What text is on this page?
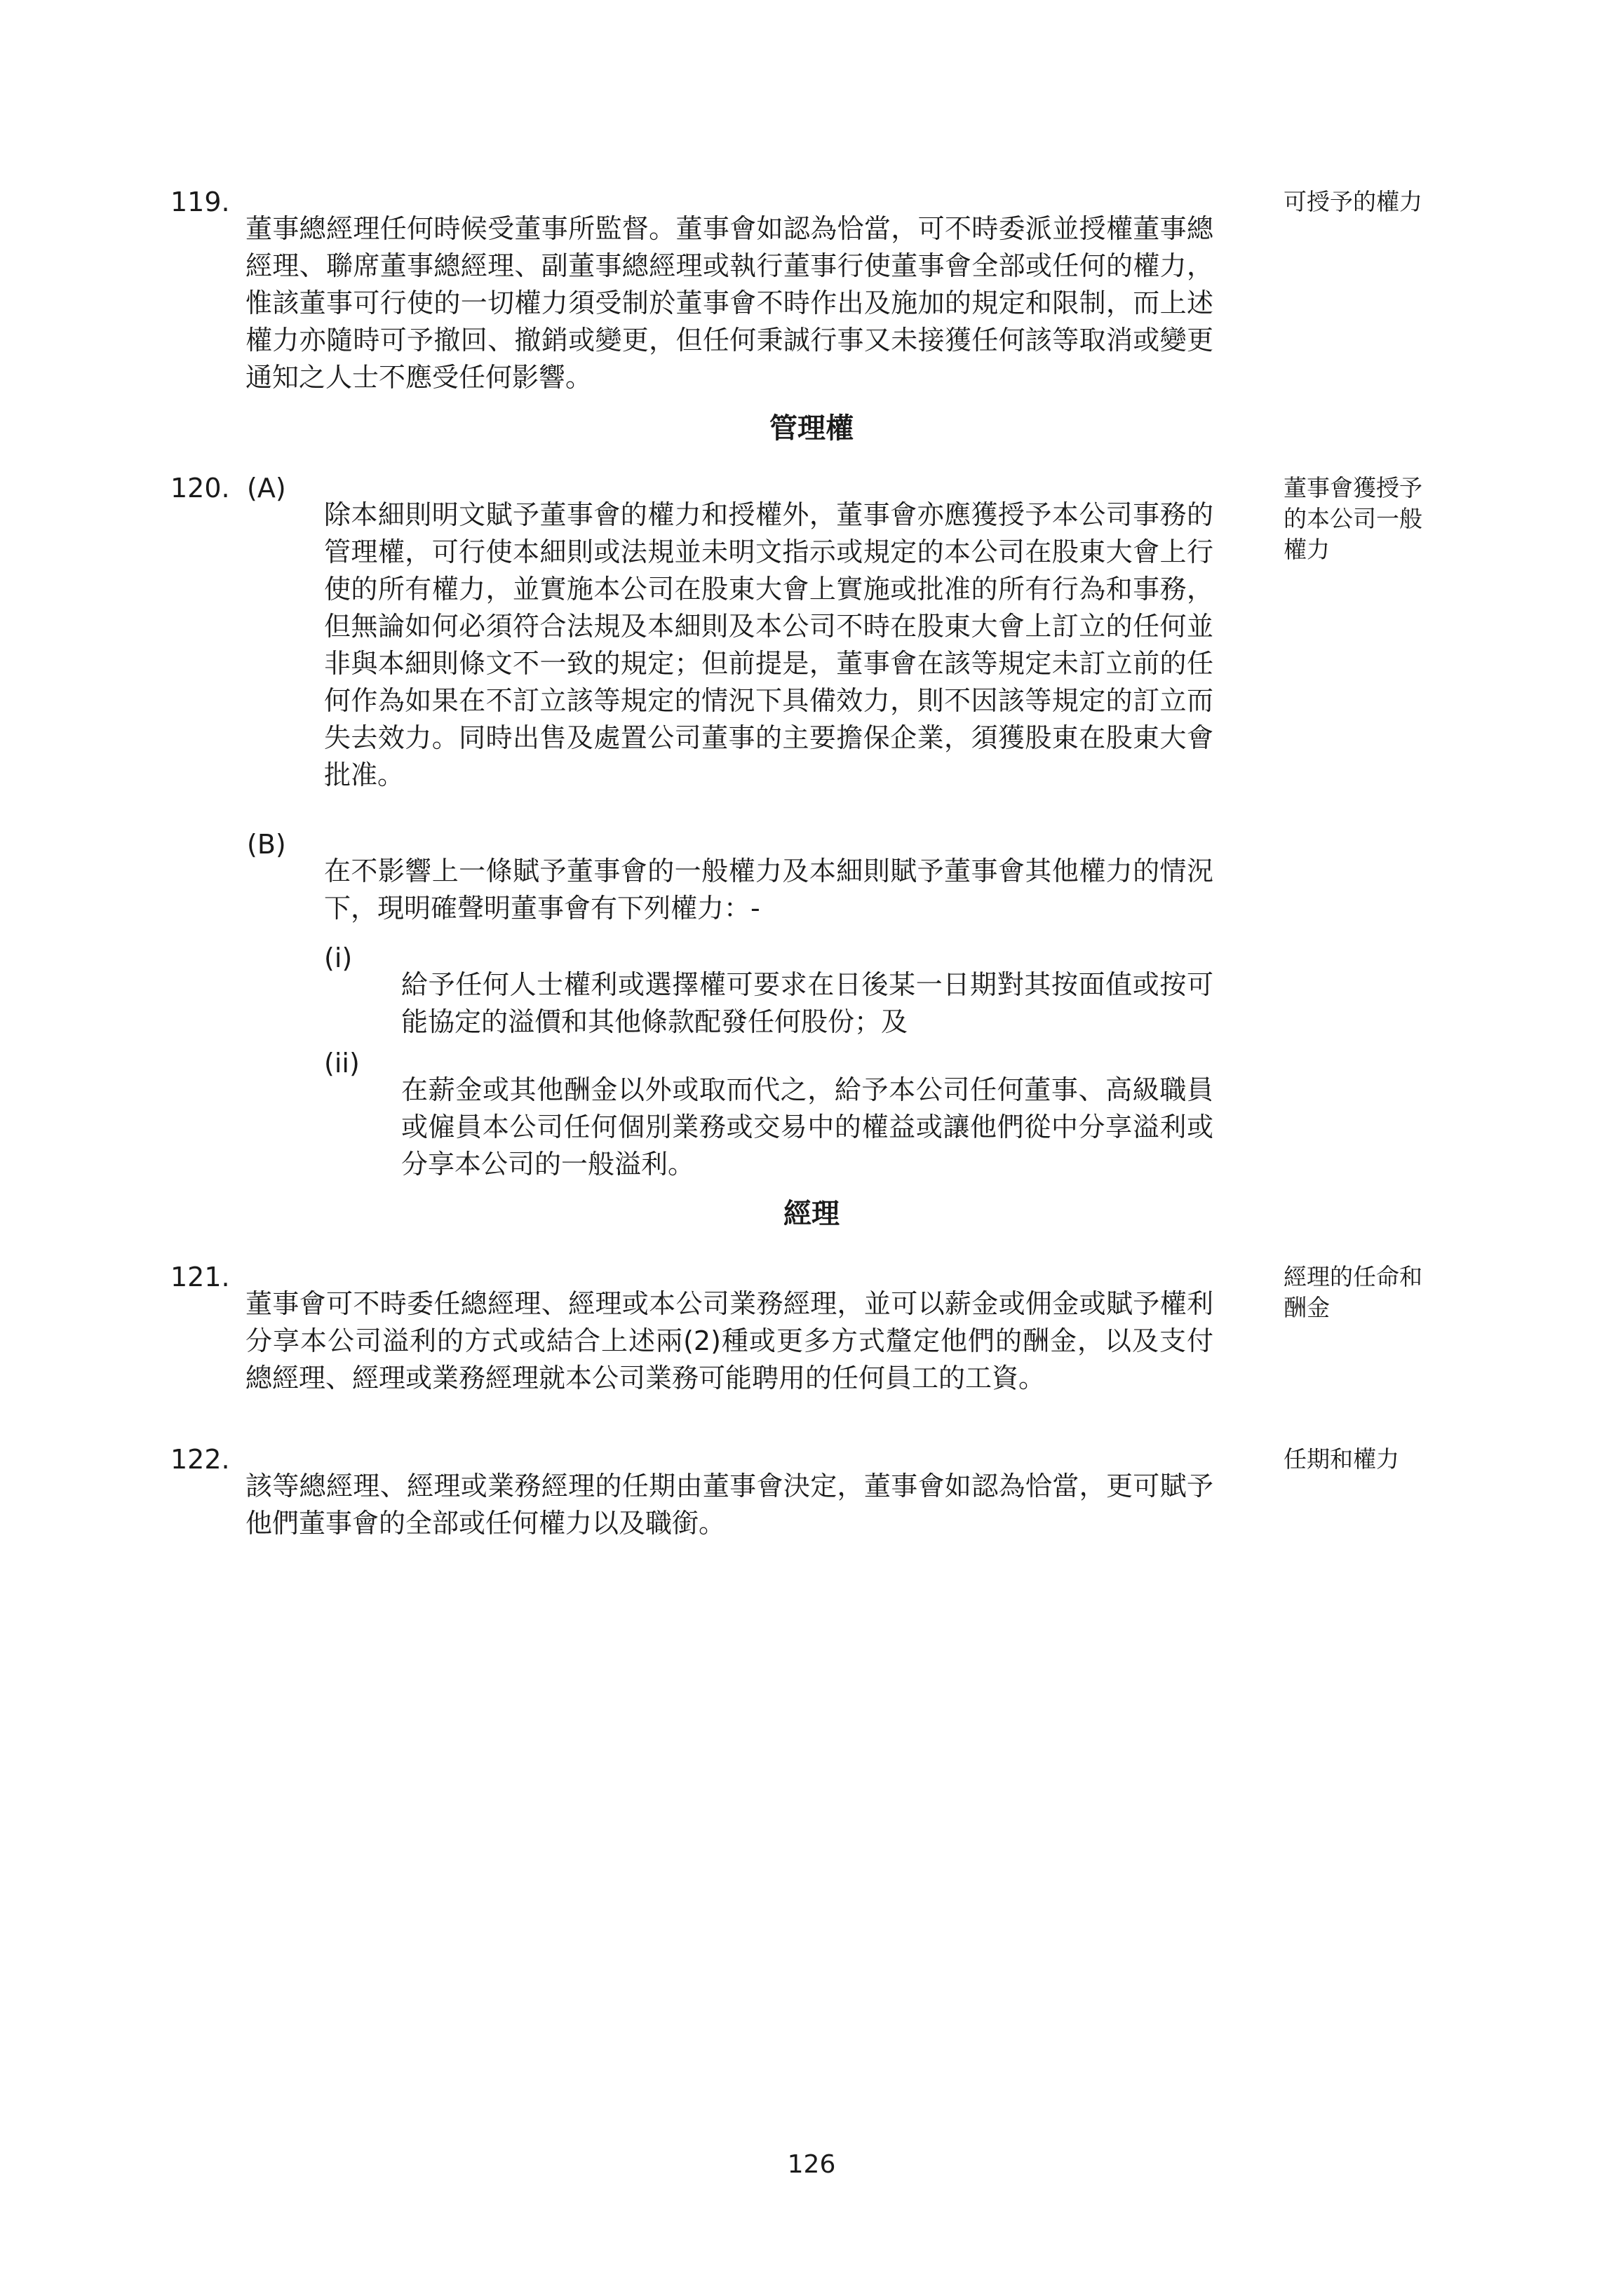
119.

董事總經理任何時候受董事所監督。董事會如認為恰當，可不時委派並授權董事總經理、聯席董事總經理、副董事總經理或執行董事行使董事會全部或任何的權力，惟該董事可行使的一切權力須受制於董事會不時作出及施加的規定和限制，而上述權力亦隨時可予撤回、撤銷或變更，但任何秉誠行事又未接獲任何該等取消或變更通知之人士不應受任何影響。

可授予的權力

管理權

120. (A)

除本細則明文賦予董事會的權力和授權外，董事會亦應獲授予本公司事務的管理權，可行使本細則或法規並未明文指示或規定的本公司在股東大會上行使的所有權力，並實施本公司在股東大會上實施或批准的所有行為和事務，但無論如何必須符合法規及本細則及本公司不時在股東大會上訂立的任何並非與本細則條文不一致的規定；但前提是，董事會在該等規定未訂立前的任何作為如果在不訂立該等規定的情況下具備效力，則不因該等規定的訂立而失去效力。同時出售及處置公司董事的主要擔保企業，須獲股東在股東大會批准。

董事會獲授予的本公司一般權力

(B)

在不影響上一條賦予董事會的一般權力及本細則賦予董事會其他權力的情況下，現明確聲明董事會有下列權力：-

(i)

給予任何人士權利或選擇權可要求在日後某一日期對其按面值或按可能協定的溢價和其他條款配發任何股份；及

(ii)

在薪金或其他酬金以外或取而代之，給予本公司任何董事、高級職員或僱員本公司任何個別業務或交易中的權益或讓他們從中分享溢利或分享本公司的一般溢利。

經理

121.

董事會可不時委任總經理、經理或本公司業務經理，並可以薪金或佣金或賦予權利分享本公司溢利的方式或結合上述兩(2)種或更多方式釐定他們的酬金，以及支付總經理、經理或業務經理就本公司業務可能聘用的任何員工的工資。

經理的任命和酬金

122.

該等總經理、經理或業務經理的任期由董事會決定，董事會如認為恰當，更可賦予他們董事會的全部或任何權力以及職銜。

任期和權力

126
